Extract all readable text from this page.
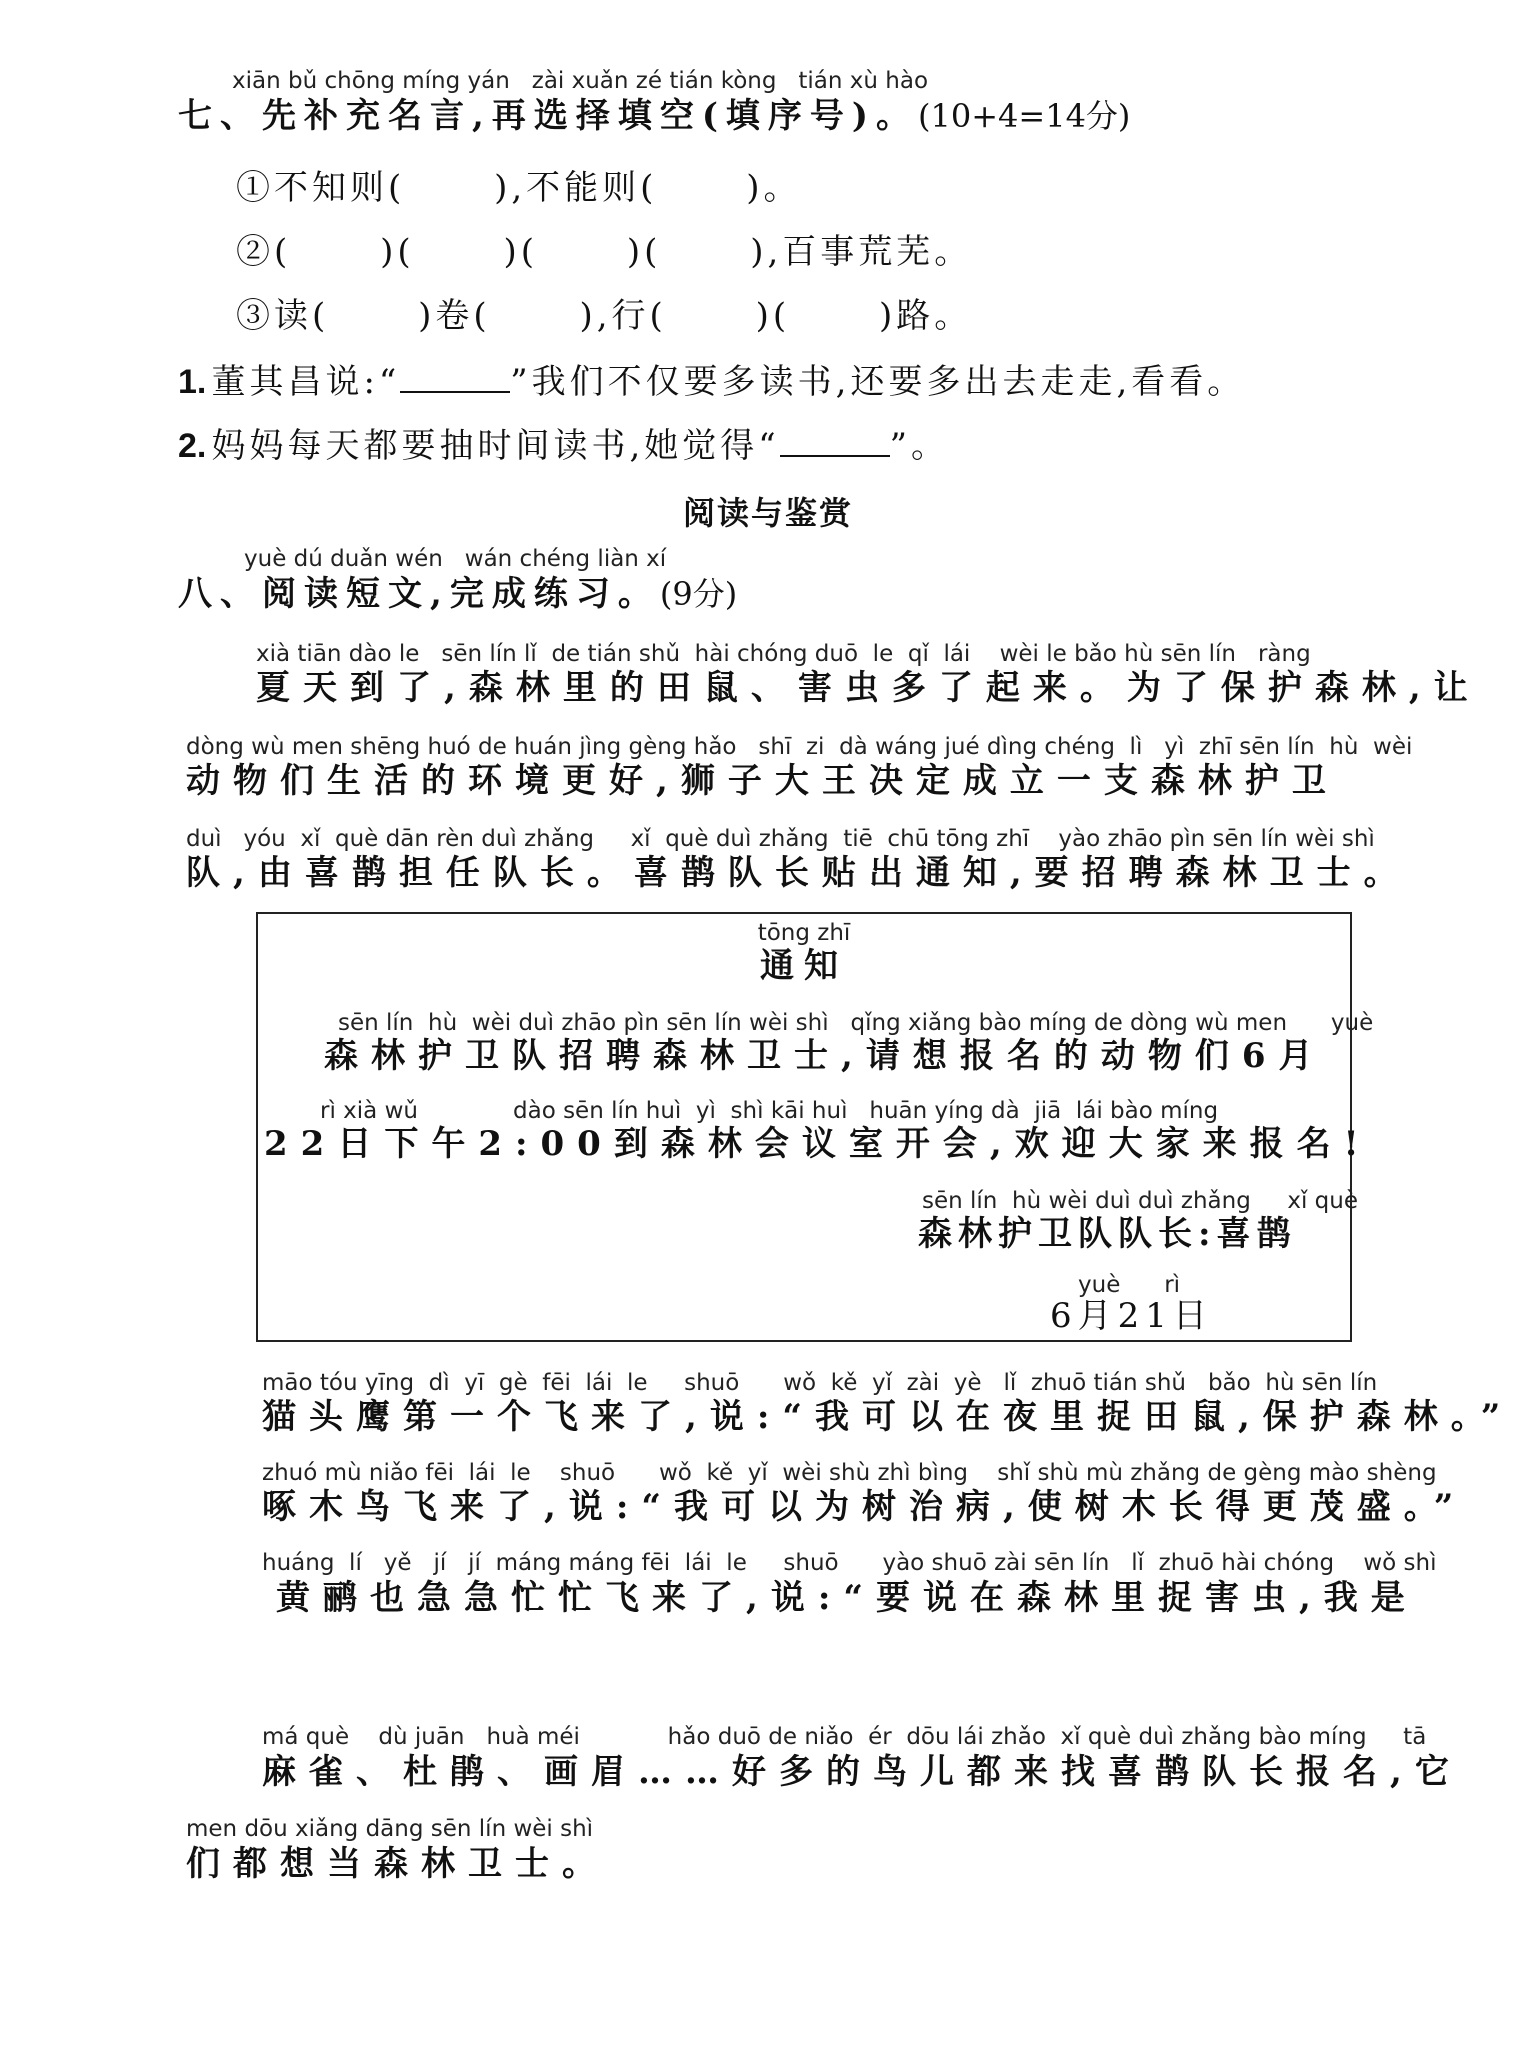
xiān bǔ chōng míng yán   zài xuǎn zé tián kòng   tián xù hào
七、先补充名言,再选择填空(填序号)。(10+4=14分)
①不知则(      ),不能则(      )。
②(      )(      )(      )(      ),百事荒芜。
③读(      )卷(      ),行(      )(      )路。
1. 董其昌说:“	”我们不仅要多读书,还要多出去走走,看看。
2. 妈妈每天都要抽时间读书,她觉得“	”。
阅读与鉴赏
yuè dú duǎn wén   wán chéng liàn xí
八、阅读短文,完成练习。(9分)
xià tiān dào le   sēn lín lǐ  de tián shǔ  hài chóng duō  le  qǐ  lái    wèi le bǎo hù sēn lín   ràng
夏天到了,森林里的田鼠、害虫多了起来。为了保护森林,让
dòng wù men shēng huó de huán jìng gèng hǎo   shī  zi  dà wáng jué dìng chéng  lì   yì  zhī sēn lín  hù  wèi
动物们生活的环境更好,狮子大王决定成立一支森林护卫
duì   yóu  xǐ  què dān rèn duì zhǎng     xǐ  què duì zhǎng  tiē  chū tōng zhī    yào zhāo pìn sēn lín wèi shì
队,由喜鹊担任队长。喜鹊队长贴出通知,要招聘森林卫士。
tōng zhī
通知
sēn lín  hù  wèi duì zhāo pìn sēn lín wèi shì   qǐng xiǎng bào míng de dòng wù men      yuè
森林护卫队招聘森林卫士,请想报名的动物们6月
rì xià wǔ             dào sēn lín huì  yì  shì kāi huì   huān yíng dà  jiā  lái bào míng
22日下午2:00到森林会议室开会,欢迎大家来报名!
sēn lín  hù wèi duì duì zhǎng     xǐ què
森林护卫队队长:喜鹊
yuè      rì
6月21日
māo tóu yīng  dì  yī  gè  fēi  lái  le     shuō      wǒ  kě  yǐ  zài  yè   lǐ  zhuō tián shǔ   bǎo  hù sēn lín
猫头鹰第一个飞来了,说:“我可以在夜里捉田鼠,保护森林。”
zhuó mù niǎo fēi  lái  le    shuō      wǒ  kě  yǐ  wèi shù zhì bìng    shǐ shù mù zhǎng de gèng mào shèng
啄木鸟飞来了,说:“我可以为树治病,使树木长得更茂盛。”
huáng  lí   yě   jí   jí  máng máng fēi  lái  le     shuō      yào shuō zài sēn lín   lǐ  zhuō hài chóng    wǒ shì
黄鹂也急急忙忙飞来了,说:“要说在森林里捉害虫,我是
má què    dù juān   huà méi            hǎo duō de niǎo  ér  dōu lái zhǎo  xǐ què duì zhǎng bào míng     tā
麻雀、杜鹃、画眉……好多的鸟儿都来找喜鹊队长报名,它
men dōu xiǎng dāng sēn lín wèi shì
们都想当森林卫士。
